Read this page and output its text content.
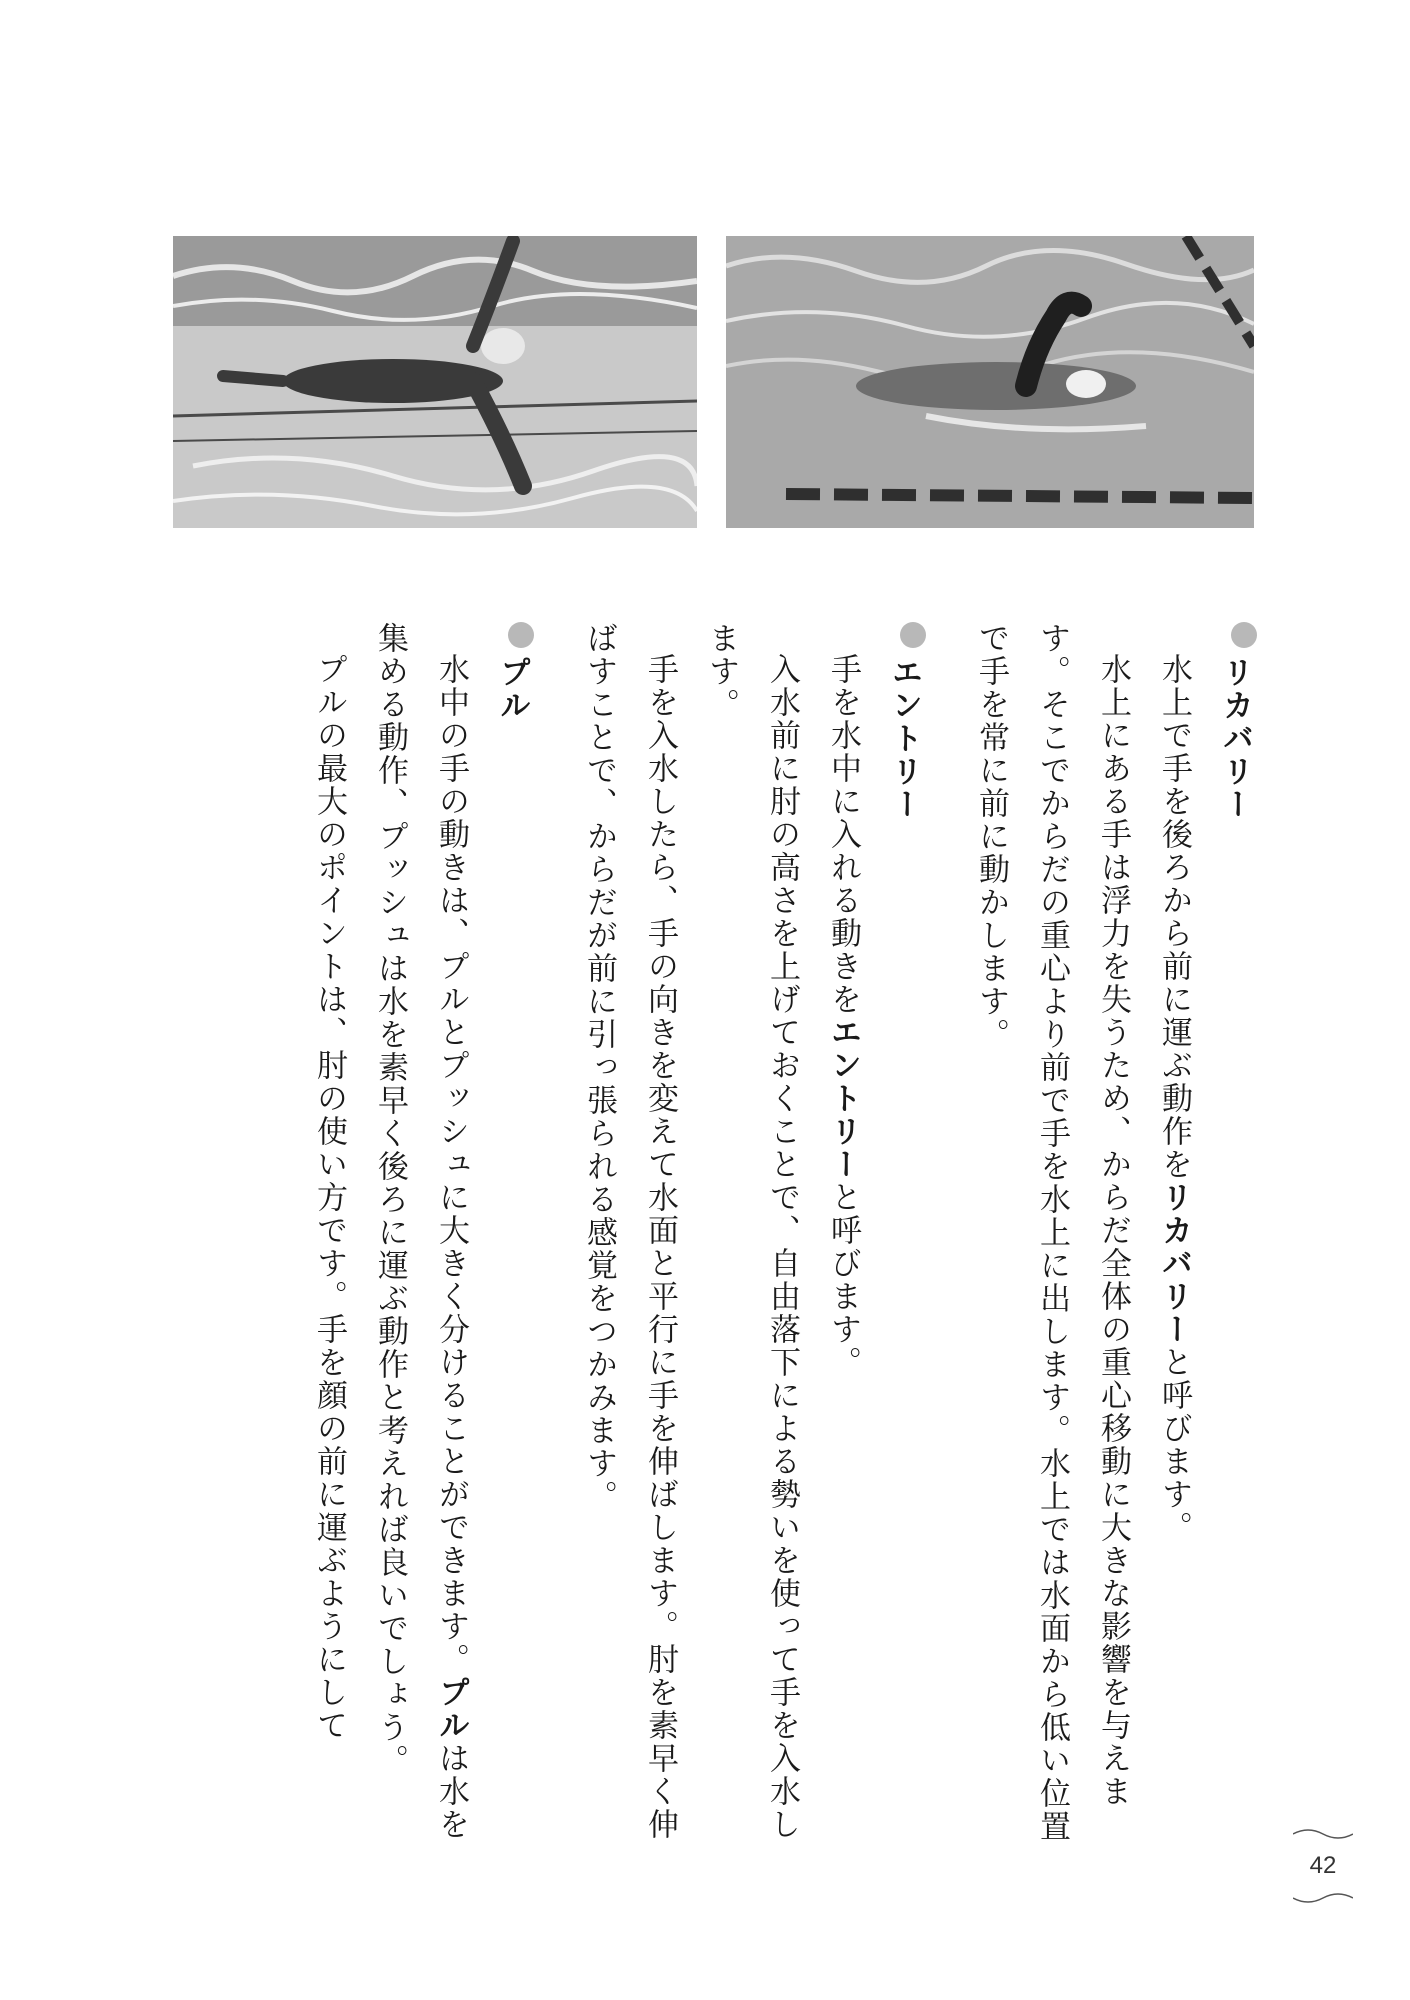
リカバリー

水上で手を後ろから前に運ぶ動作をリカバリーと呼びます。

水上にある手は浮力を失うため、からだ全体の重心移動に大きな影響を与えます。そこでからだの重心より前で手を水上に出します。水上では水面から低い位置で手を常に前に動かします。

エントリー

手を水中に入れる動きをエントリーと呼びます。

入水前に肘の高さを上げておくことで、自由落下による勢いを使って手を入水します。

手を入水したら、手の向きを変えて水面と平行に手を伸ばします。肘を素早く伸ばすことで、からだが前に引っ張られる感覚をつかみます。

プル

水中の手の動きは、プルとプッシュに大きく分けることができます。プルは水を集める動作、プッシュは水を素早く後ろに運ぶ動作と考えれば良いでしょう。

プルの最大のポイントは、肘の使い方です。手を顔の前に運ぶようにして

42
